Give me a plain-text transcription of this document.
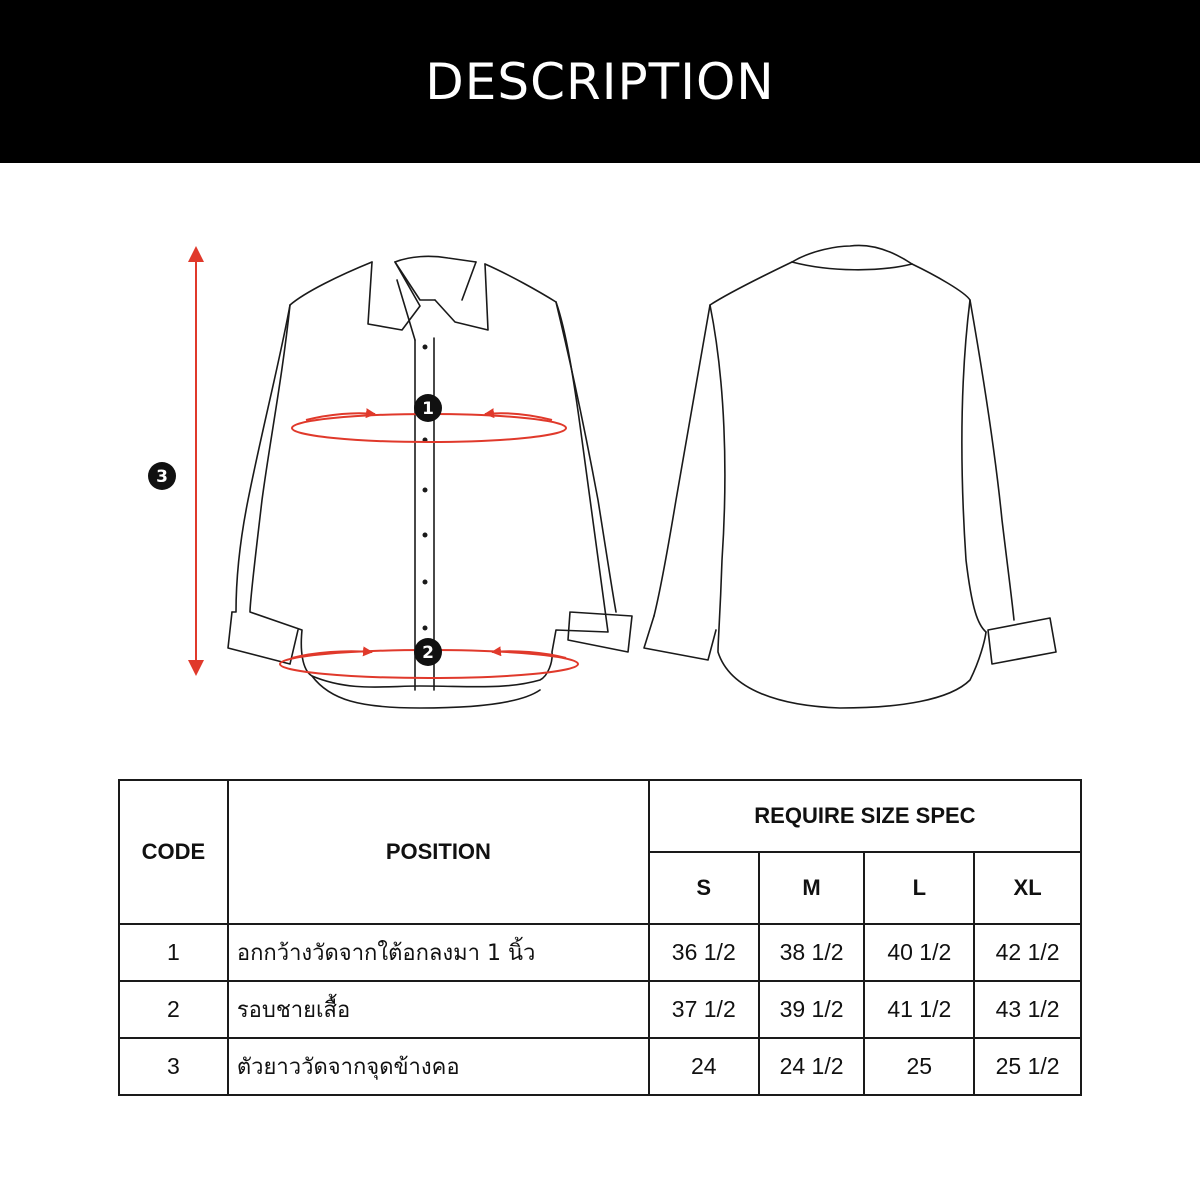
DESCRIPTION
1
2
3
CODE	POSITION	REQUIRE SIZE SPEC			
		S	M	L	XL
1	อกกว้างวัดจากใต้อกลงมา 1 นิ้ว	36 1/2	38 1/2	40 1/2	42 1/2
2	รอบชายเสื้อ	37 1/2	39 1/2	41 1/2	43 1/2
3	ตัวยาววัดจากจุดข้างคอ	24	24 1/2	25	25 1/2
